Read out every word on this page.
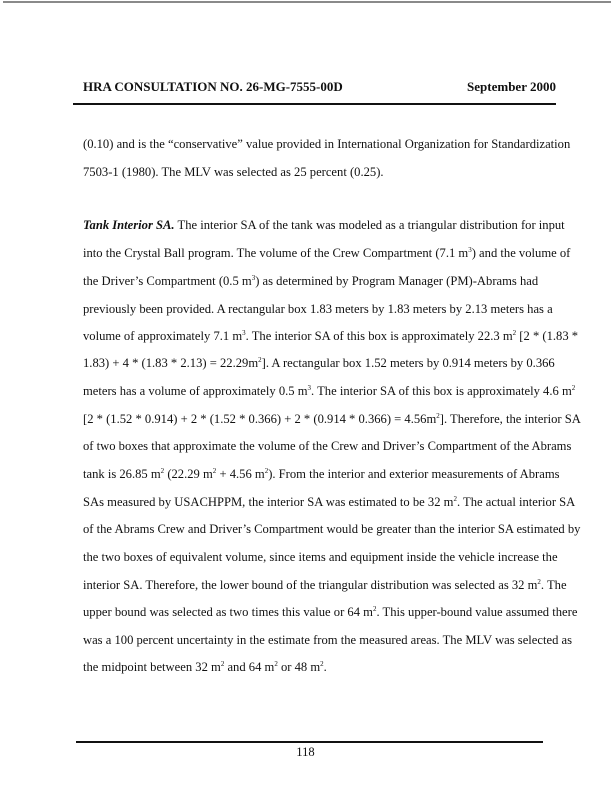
HRA CONSULTATION NO. 26-MG-7555-00D	September 2000
(0.10) and is the “conservative” value provided in International Organization for Standardization
7503-1 (1980). The MLV was selected as 25 percent (0.25).
Tank Interior SA. The interior SA of the tank was modeled as a triangular distribution for input
into the Crystal Ball program. The volume of the Crew Compartment (7.1 $m^3$) and the volume of
the Driver’s Compartment (0.5 $m^3$) as determined by Program Manager (PM)-Abrams had
previously been provided. A rectangular box 1.83 meters by 1.83 meters by 2.13 meters has a
volume of approximately 7.1 $m^3$. The interior SA of this box is approximately 22.3 $m^2$ [2 * (1.83 *
$1.83) + 4 * (1.83 * 2.13) = 22.29m^2$]. A rectangular box 1.52 meters by 0.914 meters by 0.366
meters has a volume of approximately 0.5 $m^3$. The interior SA of this box is approximately 4.6 $m^2$
$[2 * (1.52 * 0.914) + 2 * (1.52 * 0.366) + 2 * (0.914 * 0.366) = 4.56m^2]$. Therefore, the interior SA
of two boxes that approximate the volume of the Crew and Driver’s Compartment of the Abrams
tank is 26.85 $m^2$ (22.29 $m^2 + 4.56$ $m^2$). From the interior and exterior measurements of Abrams
SAs measured by USACHPPM, the interior SA was estimated to be 32 $m^2$. The actual interior SA
of the Abrams Crew and Driver’s Compartment would be greater than the interior SA estimated by
the two boxes of equivalent volume, since items and equipment inside the vehicle increase the
interior SA. Therefore, the lower bound of the triangular distribution was selected as 32 $m^2$. The
upper bound was selected as two times this value or 64 $m^2$. This upper-bound value assumed there
was a 100 percent uncertainty in the estimate from the measured areas. The MLV was selected as
the midpoint between 32 $m^2$ and 64 $m^2$ or 48 $m^2$.
118
